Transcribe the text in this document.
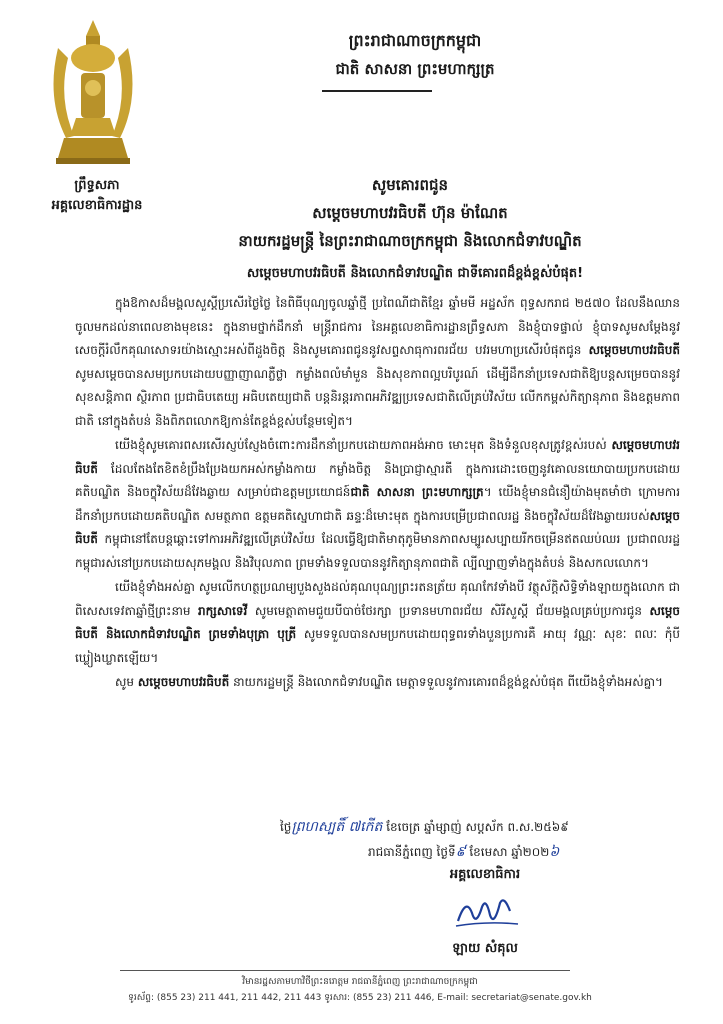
ព្រឹទ្ធសភា
អគ្គលេខាធិការដ្ឋាន
ព្រះរាជាណាចក្រកម្ពុជា
ជាតិ សាសនា ព្រះមហាក្សត្រ
សូមគោរពជូន
សម្តេចមហាបវរធិបតី ហ៊ុន ម៉ាណែត
នាយករដ្ឋមន្ត្រី នៃព្រះរាជាណាចក្រកម្ពុជា និងលោកជំទាវបណ្ឌិត
សម្តេចមហាបវរធិបតី និងលោកជំទាវបណ្ឌិត ជាទីគោរពដ៏ខ្ពង់ខ្ពស់បំផុត!

ក្នុងឱកាសដ៏មង្គលសួស្តីប្រសើរថ្ងៃថ្លៃ នៃពិធីបុណ្យចូលឆ្នាំថ្មី ប្រពៃណីជាតិខ្មែរ ឆ្នាំមមី អដ្ឋស័ក ពុទ្ធសករាជ ២៥៧០ ដែលនឹងឈានចូលមកដល់នាពេលខាងមុខនេះ ក្នុងនាមថ្នាក់ដឹកនាំ មន្ត្រីរាជការ នៃអគ្គលេខាធិការដ្ឋានព្រឹទ្ធសភា និងខ្ញុំបាទផ្ទាល់ ខ្ញុំបាទសូមសម្តែងនូវសេចក្តីរំលឹកគុណសោទរយ៉ាងស្មោះអស់ពីដួងចិត្ត និងសូមគោរពជូននូវសព្ទសាធុការពរជ័យ បវរមហាប្រសើរបំផុតជូន សម្តេចមហាបវរធិបតី សូមសម្តេចបានសមប្រកបដោយបញ្ញាញាណភ្លឺថ្លា កម្លាំងពលំមាំមួន និងសុខភាពល្អបរិបូរណ៍ ដើម្បីដឹកនាំប្រទេសជាតិឱ្យបន្តសម្រេចបាននូវសុខសន្តិភាព ស្ថិរភាព ប្រជាធិបតេយ្យ អធិបតេយ្យជាតិ បន្តនិរន្តរភាពអភិវឌ្ឍប្រទេសជាតិលើគ្រប់វិស័យ លើកកម្ពស់កិត្យានុភាព និងឧត្តមភាពជាតិ នៅក្នុងតំបន់ និងពិភពលោកឱ្យកាន់តែខ្ពង់ខ្ពស់បន្ថែមទៀត។

យើងខ្ញុំសូមគោរពសរសើរស្ញប់ស្ញែងចំពោះការដឹកនាំប្រកបដោយភាពអង់អាច មោះមុត និងទំនួលខុសត្រូវខ្ពស់របស់ សម្តេចមហាបវរធិបតី ដែលតែងតែខិតខំប្រឹងប្រែងយកអស់កម្លាំងកាយ កម្លាំងចិត្ត និងប្រាជ្ញាស្មារតី ក្នុងការដោះចេញនូវគោលនយោបាយប្រកបដោយគតិបណ្ឌិត និងចក្ខុវិស័យដ៏វែងឆ្ងាយ សម្រាប់ជាឧត្តមប្រយោជន៍ជាតិ សាសនា ព្រះមហាក្សត្រ។ យើងខ្ញុំមានជំនឿយ៉ាងមុតមាំថា ក្រោមការដឹកនាំប្រកបដោយគតិបណ្ឌិត សមត្ថភាព ឧត្តមគតិស្នេហាជាតិ ឆន្ទៈដ៏មោះមុត ក្នុងការបម្រើប្រជាពលរដ្ឋ និងចក្ខុវិស័យដ៏វែងឆ្ងាយរបស់សម្តេចធិបតី កម្ពុជានៅតែបន្តឆ្ពោះទៅការអភិវឌ្ឍលើគ្រប់វិស័យ ដែលធ្វើឱ្យជាតិមាតុភូមិមានភាពសម្បូរសប្បាយរីកចម្រើនឥតឈប់ឈរ ប្រជាពលរដ្ឋកម្ពុជារស់នៅប្រកបដោយសុភមង្គល និងវិបុលភាព ព្រមទាំងទទួលបាននូវកិត្យានុភាពជាតិ ល្បីល្បាញទាំងក្នុងតំបន់ និងសកលលោក។

យើងខ្ញុំទាំងអស់គ្នា សូមលើកហត្ថប្រណម្យបួងសួងដល់គុណបុណ្យព្រះរតនត្រ័យ គុណកែវទាំងបី វត្ថុស័ក្តិសិទ្ធិទាំងឡាយក្នុងលោក ជាពិសេសទេវតាឆ្នាំថ្មីព្រះនាម រាក្សសាទេវី សូមមេត្តាតាមជួយបីបាច់ថែរក្សា ប្រទានមហាពរជ័យ សិរីសួស្តី ជ័យមង្គលគ្រប់ប្រការជូន សម្តេចធិបតី និងលោកជំទាវបណ្ឌិត ព្រមទាំងបុត្រា បុត្រី សូមទទួលបានសមប្រកបដោយពុទ្ធពរទាំងបួនប្រការគឺ អាយុ វណ្ណៈ សុខៈ ពលៈ កុំបីឃ្លៀងឃ្លាតឡើយ។

សូម សម្តេចមហាបវរធិបតី នាយករដ្ឋមន្ត្រី និងលោកជំទាវបណ្ឌិត មេត្តាទទួលនូវការគោរពដ៏ខ្ពង់ខ្ពស់បំផុត ពីយើងខ្ញុំទាំងអស់គ្នា។

ថ្ងៃព្រហស្បតិ៍ ៧កើត ខែចេត្រ ឆ្នាំម្សាញ់ សប្តស័ក ព.ស.២៥៦៩
រាជធានីភ្នំពេញ ថ្ងៃទី៩ ខែមេសា ឆ្នាំ២០២៦
អគ្គលេខាធិការ
ឡាយ សំគុល
វិមានរដ្ឋសភាមហាវិថីព្រះនរោត្តម រាជធានីភ្នំពេញ ព្រះរាជាណាចក្រកម្ពុជា
ទូរស័ព្ទ: (855 23) 211 441, 211 442, 211 443 ទូរសារ: (855 23) 211 446, E-mail: secretariat@senate.gov.kh
